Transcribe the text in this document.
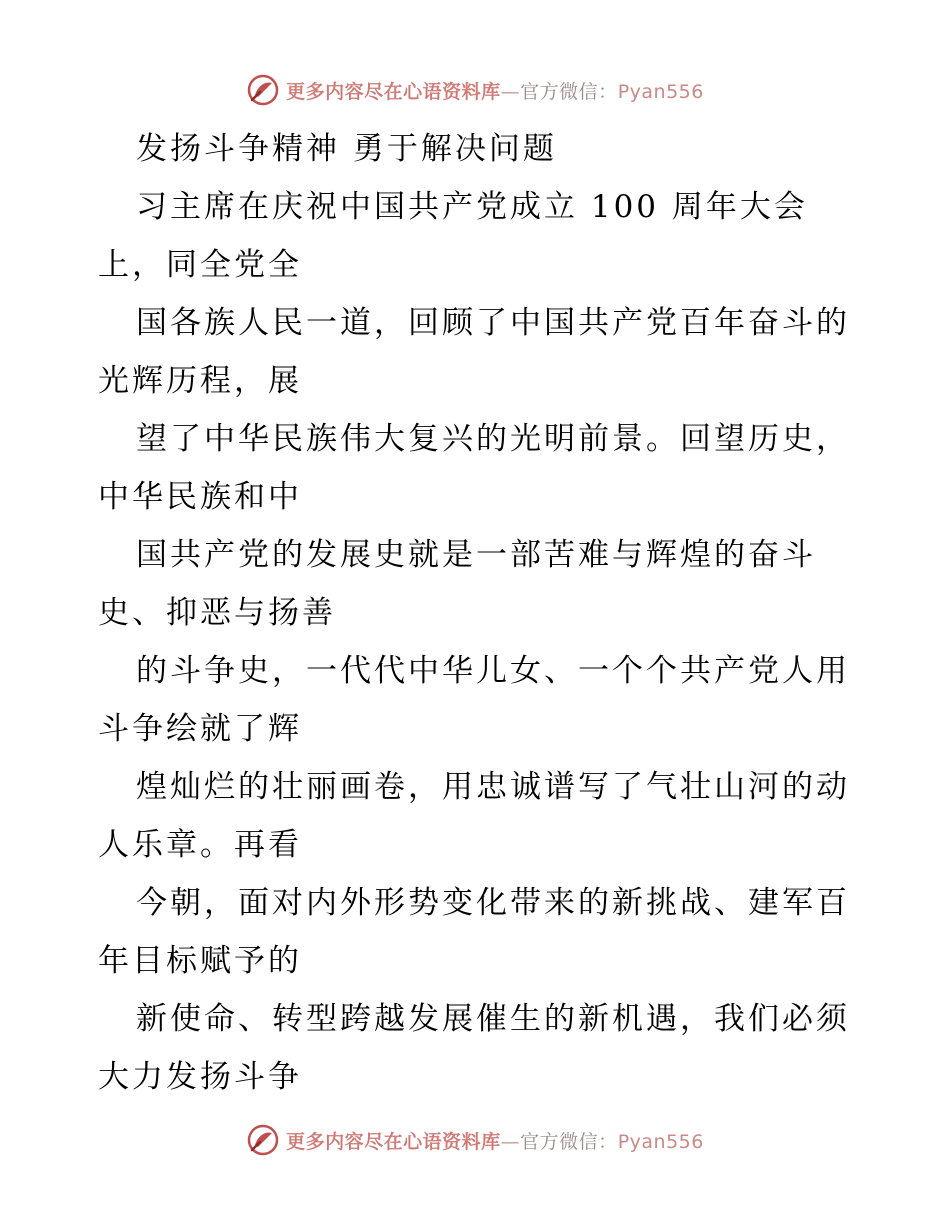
更多内容尽在心语资料库—官方微信：Pyan556
发扬斗争精神 勇于解决问题
习主席在庆祝中国共产党成立 100 周年大会
上，同全党全
国各族人民一道，回顾了中国共产党百年奋斗的
光辉历程，展
望了中华民族伟大复兴的光明前景。回望历史，
中华民族和中
国共产党的发展史就是一部苦难与辉煌的奋斗
史、抑恶与扬善
的斗争史，一代代中华儿女、一个个共产党人用
斗争绘就了辉
煌灿烂的壮丽画卷，用忠诚谱写了气壮山河的动
人乐章。再看
今朝，面对内外形势变化带来的新挑战、建军百
年目标赋予的
新使命、转型跨越发展催生的新机遇，我们必须
大力发扬斗争
更多内容尽在心语资料库—官方微信：Pyan556
